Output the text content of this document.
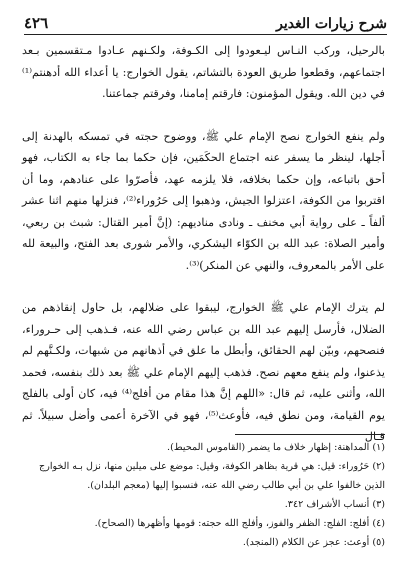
شرح زيارات الغدير
٤٢٦

بالرحيل، وركب النـاس ليـعودوا إلى الكـوفة، ولكـنهم عـادوا مـتقسمين بـعد اجتماعهم، وقطعوا طريق العودة بالتشاتم، يقول الخوارج: يا أعداء الله أدهنتم⁽¹⁾ في دين الله. ويقول المؤمنون: فارقتم إمامنا، وفرقتم جماعتنا.

ولم ينفع الخوارج نصح الإمام علي ﷺ، ووضوح حجته في تمسكه بالهدنة إلى أجلها، لينظر ما يسفر عنه اجتماع الحكَمَين، فإن حكما بما جاء به الكتاب، فهو أحق باتباعه، وإن حكما بخلافه، فلا يلزمه عهد، فأصرّوا على عنادهم، وما أن اقتربوا من الكوفة، اعتزلوا الجيش، وذهبوا إلى حَرُوراء⁽²⁾، فنزلها منهم اثنا عشر ألفاً ـ على رواية أبي مخنف ـ ونادى مناديهم: (إنَّ أمير القتال: شبث بن ربعي، وأمير الصلاة: عبد الله بن الكوّاء اليشكري، والأمر شورى بعد الفتح، والبيعة لله على الأمر بالمعروف، والنهي عن المنكر)⁽³⁾.

لم يترك الإمام علي ﷺ الخوارج، ليبقوا على ضلالهم، بل حاول إنقاذهم من الضلال، فأرسل إليهم عبد الله بن عباس رضي الله عنه، فـذهب إلى حـروراء، فنصحهم، وبيّن لهم الحقائق، وأبطل ما علق في أذهانهم من شبهات، ولكـنَّهم لم يذعنوا، ولم ينفع معهم نصح. فذهب إليهم الإمام علي ﷺ بعد ذلك بنفسه، فحمد الله، وأثنى عليه، ثم قال: «اللهم إنَّ هذا مقام من أفلج⁽⁴⁾ فيه، كان أولى بالفلج يوم القيامة، ومن نطق فيه، فأوعث⁽⁵⁾، فهو في الآخرة أعمى وأضل سبيلاً. ثم قـال

(١) المداهنة: إظهار خلاف ما يضمر (القاموس المحيط).
(٢) حَرُوراء: قيل: هي قرية بظاهر الكوفة، وقيل: موضع على ميلين منها، نزل بـه الخوارج
الذين خالفوا علي بن أبي طالب رضي الله عنه، فنسبوا إليها (معجم البلدان).
(٣) أنساب الأشراف ٣٤٢.
(٤) أفلج: الفلج: الظفر والفوز، وأفلج الله حجته: قومها وأظهرها (الصحاح).
(٥) أوعث: عجز عن الكلام (المنجد).
